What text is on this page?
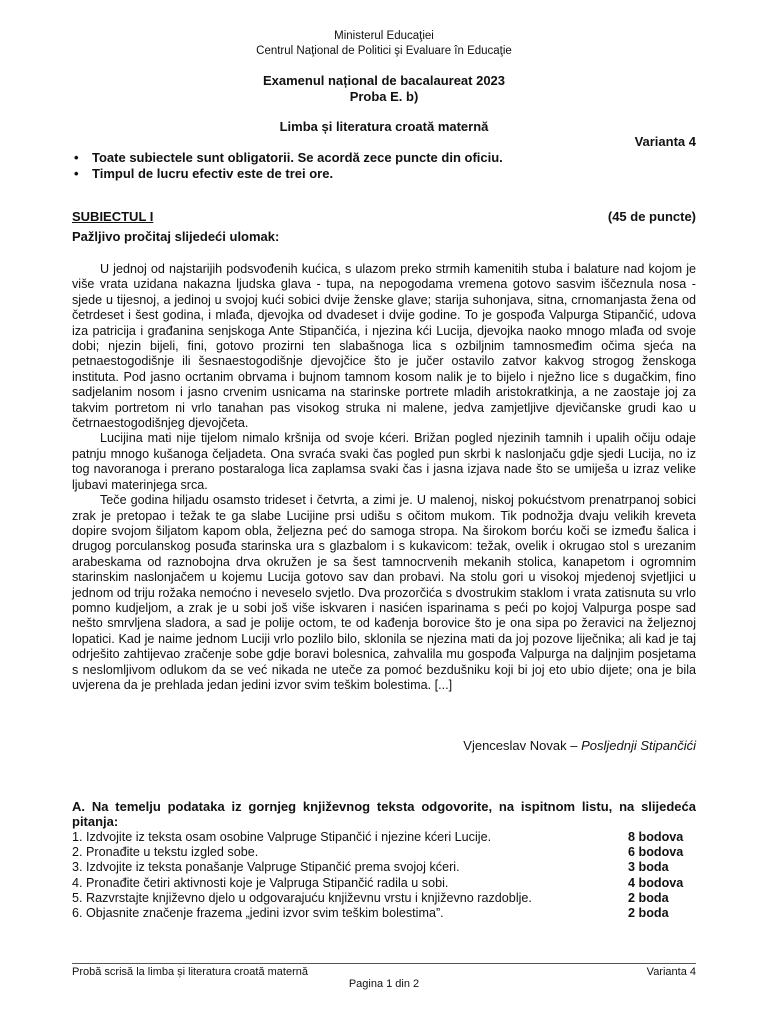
Ministerul Educaţiei
Centrul Naţional de Politici şi Evaluare în Educaţie
Examenul național de bacalaureat 2023
Proba E. b)
Limba și literatura croată maternă
Varianta 4
• Toate subiectele sunt obligatorii. Se acordă zece puncte din oficiu.
• Timpul de lucru efectiv este de trei ore.
SUBIECTUL I	(45 de puncte)
Pažljivo pročitaj slijedeći ulomak:

U jednoj od najstarijih podsvođenih kućica, s ulazom preko strmih kamenitih stuba i balature nad kojom je više vrata uzidana nakazna ljudska glava - tupa, na nepogodama vremena gotovo sasvim iščeznula nosa - sjede u tijesnoj, a jedinoj u svojoj kući sobici dvije ženske glave; starija suhonjava, sitna, crnomanjasta žena od četrdeset i šest godina, i mlađa, djevojka od dvadeset i dvije godine. To je gospođa Valpurga Stipančić, udova iza patricija i građanina senjskoga Ante Stipančića, i njezina kći Lucija, djevojka naoko mnogo mlađa od svoje dobi; njezin bijeli, fini, gotovo prozirni ten slabašnoga lica s ozbiljnim tamnosmeđim očima sjeća na petnaestogodišnje ili šesnaestogodišnje djevojčice što je jučer ostavilo zatvor kakvog strogog ženskoga instituta. Pod jasno ocrtanim obrvama i bujnom tamnom kosom nalik je to bijelo i nježno lice s dugačkim, fino sadjelanim nosom i jasno crvenim usnicama na starinske portrete mladih aristokratkinja, a ne zaostaje joj za takvim portretom ni vrlo tanahan pas visokog struka ni malene, jedva zamjetljive djevičanske grudi kao u četrnaestogodišnjeg djevojčeta.

Lucijina mati nije tijelom nimalo kršnija od svoje kćeri. Brižan pogled njezinih tamnih i upalih očiju odaje patnju mnogo kušanoga čeljadeta. Ona svraća svaki čas pogled pun skrbi k naslonjaču gdje sjedi Lucija, no iz tog navoranoga i prerano postaraloga lica zaplamsa svaki čas i jasna izjava nade što se umiješa u izraz velike ljubavi materinjega srca.

Teče godina hiljadu osamsto trideset i četvrta, a zimi je. U malenoj, niskoj pokućstvom prenatrpanoj sobici zrak je pretopao i težak te ga slabe Lucijine prsi udišu s očitom mukom. Tik podnožja dvaju velikih kreveta dopire svojom šiljatom kapom obla, željezna peć do samoga stropa. Na širokom borću koči se između šalica i drugog porculanskog posuđa starinska ura s glazbalom i s kukavicom: težak, ovelik i okrugao stol s urezanim arabeskama od raznobojna drva okružen je sa šest tamnocrvenih mekanih stolica, kanapetom i ogromnim starinskim naslonjačem u kojemu Lucija gotovo sav dan probavi. Na stolu gori u visokoj mjedenoj svjetljici u jednom od triju rožaka nemoćno i neveselo svjetlo. Dva prozorčića s dvostrukim staklom i vrata zatisnuta su vrlo pomno kudjeljom, a zrak je u sobi još više iskvaren i nasićen isparinama s peći po kojoj Valpurga pospe sad nešto smrvljena sladora, a sad je polije octom, te od kađenja borovice što je ona sipa po žeravici na željeznoj lopatici. Kad je naime jednom Luciji vrlo pozlilo bilo, sklonila se njezina mati da joj pozove liječnika; ali kad je taj odrješito zahtijevao zračenje sobe gdje boravi bolesnica, zahvalila mu gospođa Valpurga na daljnjim posjetama s neslomljivom odlukom da se već nikada ne uteče za pomoć bezdušniku koji bi joj eto ubio dijete; ona je bila uvjerena da je prehlada jedan jedini izvor svim teškim bolestima. [...]

Vjenceslav Novak – Posljednji Stipančići
A. Na temelju podataka iz gornjeg književnog teksta odgovorite, na ispitnom listu, na slijedeća pitanja:
1. Izdvojite iz teksta osam osobine Valpruge Stipančić i njezine kćeri Lucije.	8 bodova
2. Pronađite u tekstu izgled sobe.	6 bodova
3. Izdvojite iz teksta ponašanje Valpruge Stipančić prema svojoj kćeri.	3 boda
4. Pronađite četiri aktivnosti koje je Valpruga Stipančić radila u sobi.	4 bodova
5. Razvrstajte književno djelo u odgovarajuću književnu vrstu i književno razdoblje.	2 boda
6. Objasnite značenje frazema „jedini izvor svim teškim bolestima”.	2 boda
Probă scrisă la limba și literatura croată maternă	Varianta 4
Pagina 1 din 2
